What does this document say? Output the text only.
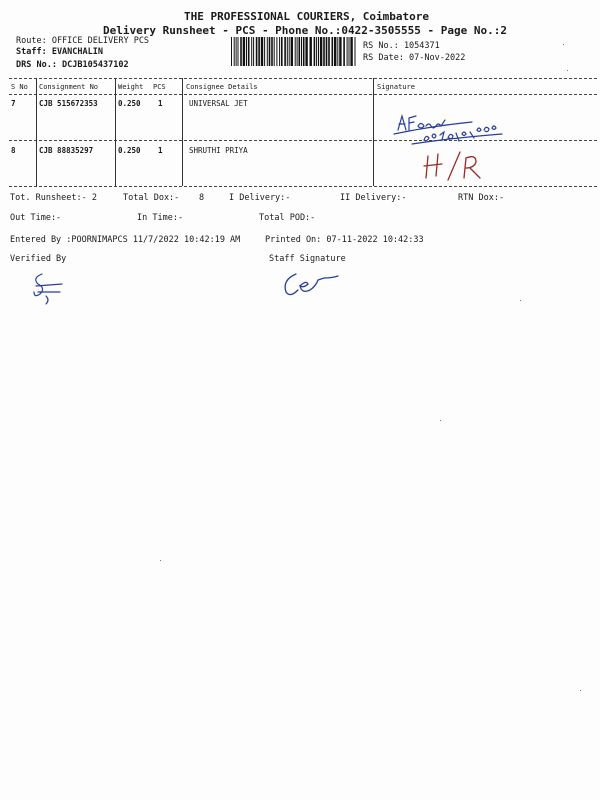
THE PROFESSIONAL COURIERS, Coimbatore
Delivery Runsheet - PCS - Phone No.:0422-3505555 - Page No.:2
Route: OFFICE DELIVERY PCS
Staff: EVANCHALIN
DRS No.: DCJB105437102
RS No.: 1054371
RS Date: 07-Nov-2022
S No Consignment No	Weight PCS	Consignee Details	Signature
7	CJB 515672353	0.250 1	UNIVERSAL JET
8	CJB 88835297	0.250 1	SHRUTHI PRIYA
Tot. Runsheet:- 2	Total Dox:- 8	I Delivery:-	II Delivery:-	RTN Dox:-
Out Time:-	In Time:-	Total POD:-
Entered By :POORNIMAPCS 11/7/2022 10:42:19 AM	Printed On: 07-11-2022 10:42:33
Verified By	Staff Signature
